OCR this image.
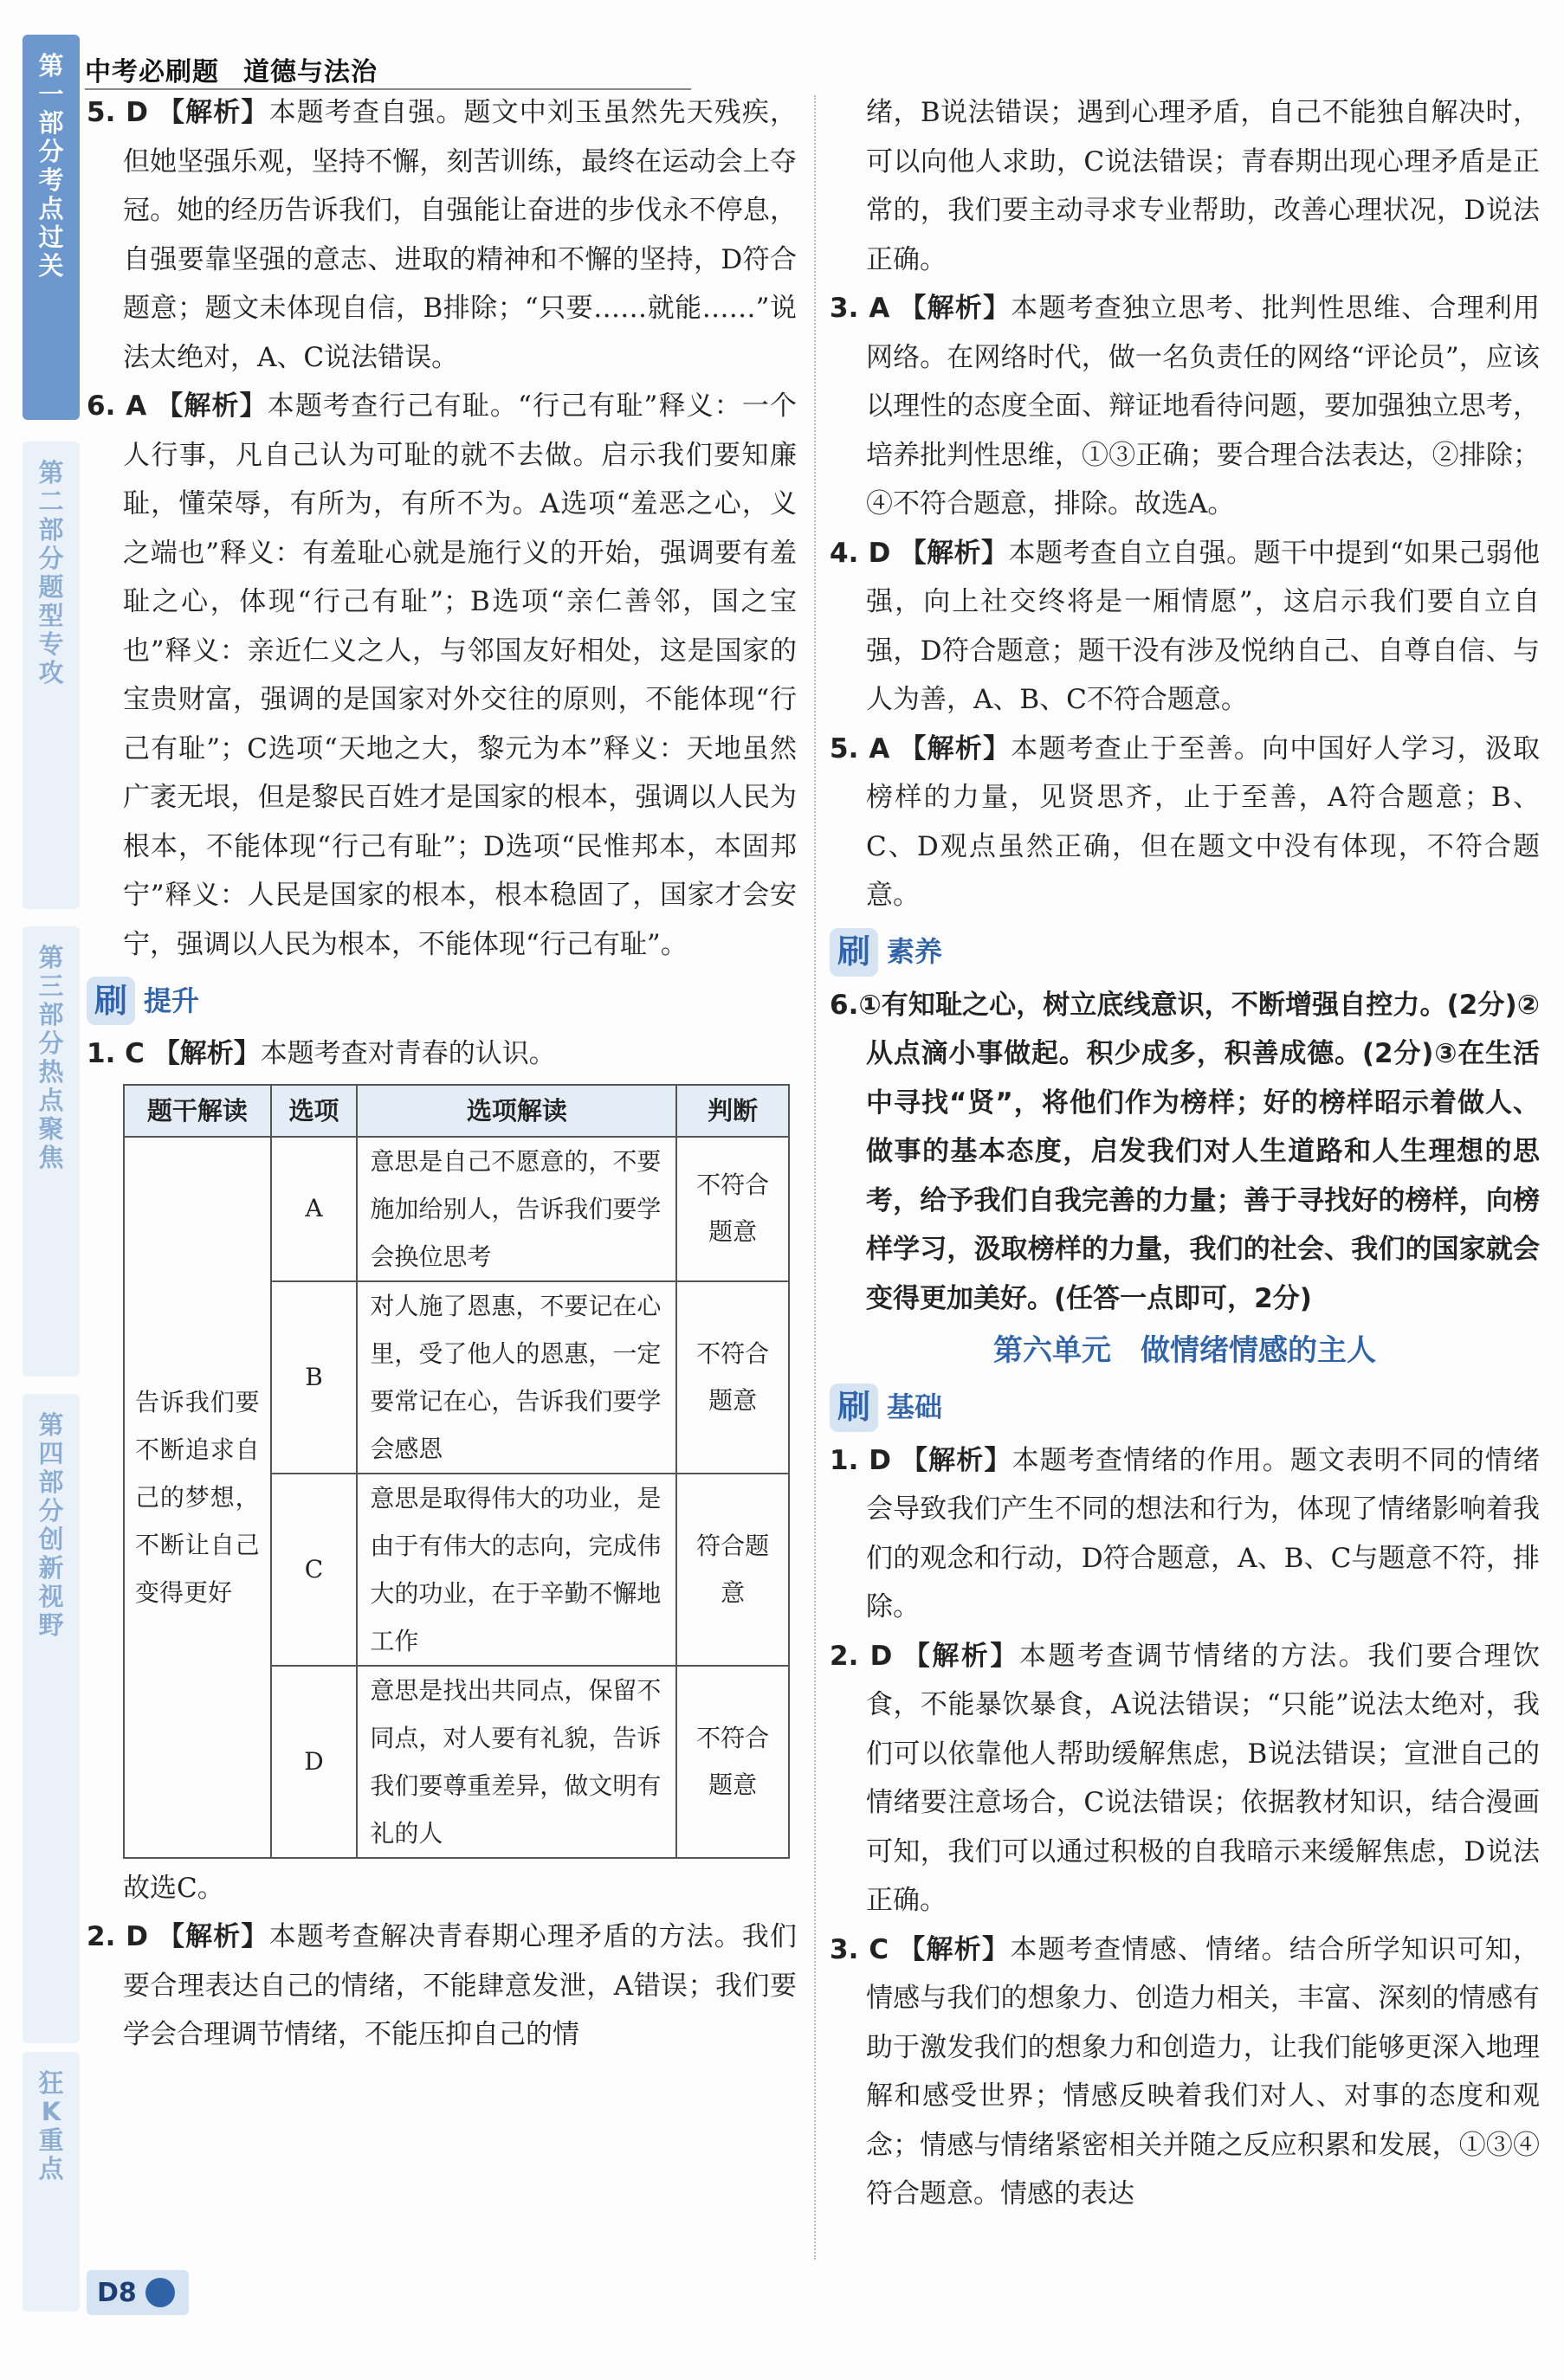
第一部分 考点过关
第二部分 题型专攻
第三部分 热点聚焦
第四部分 创新视野
狂K重点
中考必刷题 道德与法治

5. D 【解析】本题考查自强。题文中刘玉虽然先天残疾，但她坚强乐观，坚持不懈，刻苦训练，最终在运动会上夺冠。她的经历告诉我们，自强能让奋进的步伐永不停息，自强要靠坚强的意志、进取的精神和不懈的坚持，D符合题意；题文未体现自信，B排除；“只要……就能……”说法太绝对，A、C说法错误。

6. A 【解析】本题考查行己有耻。“行己有耻”释义：一个人行事，凡自己认为可耻的就不去做。启示我们要知廉耻，懂荣辱，有所为，有所不为。A选项“羞恶之心，义之端也”释义：有羞耻心就是施行义的开始，强调要有羞耻之心，体现“行己有耻”；B选项“亲仁善邻，国之宝也”释义：亲近仁义之人，与邻国友好相处，这是国家的宝贵财富，强调的是国家对外交往的原则，不能体现“行己有耻”；C选项“天地之大，黎元为本”释义：天地虽然广袤无垠，但是黎民百姓才是国家的根本，强调以人民为根本，不能体现“行己有耻”；D选项“民惟邦本，本固邦宁”释义：人民是国家的根本，根本稳固了，国家才会安宁，强调以人民为根本，不能体现“行己有耻”。

刷 提升

1. C 【解析】本题考查对青春的认识。

题干解读	选项	选项解读	判断
告诉我们要不断追求自己的梦想，不断让自己变得更好	A	意思是自己不愿意的，不要施加给别人，告诉我们要学会换位思考	不符合题意
	B	对人施了恩惠，不要记在心里，受了他人的恩惠，一定要常记在心，告诉我们要学会感恩	不符合题意
	C	意思是取得伟大的功业，是由于有伟大的志向，完成伟大的功业，在于辛勤不懈地工作	符合题意
	D	意思是找出共同点，保留不同点，对人要有礼貌，告诉我们要尊重差异，做文明有礼的人	不符合题意

故选C。

2. D 【解析】本题考查解决青春期心理矛盾的方法。我们要合理表达自己的情绪，不能肆意发泄，A错误；我们要学会合理调节情绪，不能压抑自己的情

绪，B说法错误；遇到心理矛盾，自己不能独自解决时，可以向他人求助，C说法错误；青春期出现心理矛盾是正常的，我们要主动寻求专业帮助，改善心理状况，D说法正确。

3. A 【解析】本题考查独立思考、批判性思维、合理利用网络。在网络时代，做一名负责任的网络“评论员”，应该以理性的态度全面、辩证地看待问题，要加强独立思考，培养批判性思维，①③正确；要合理合法表达，②排除；④不符合题意，排除。故选A。

4. D 【解析】本题考查自立自强。题干中提到“如果己弱他强，向上社交终将是一厢情愿”，这启示我们要自立自强，D符合题意；题干没有涉及悦纳自己、自尊自信、与人为善，A、B、C不符合题意。

5. A 【解析】本题考查止于至善。向中国好人学习，汲取榜样的力量，见贤思齐，止于至善，A符合题意；B、C、D观点虽然正确，但在题文中没有体现，不符合题意。

刷 素养

6.①有知耻之心，树立底线意识，不断增强自控力。(2分)②从点滴小事做起。积少成多，积善成德。(2分)③在生活中寻找“贤”，将他们作为榜样；好的榜样昭示着做人、做事的基本态度，启发我们对人生道路和人生理想的思考，给予我们自我完善的力量；善于寻找好的榜样，向榜样学习，汲取榜样的力量，我们的社会、我们的国家就会变得更加美好。(任答一点即可，2分)

第六单元　做情绪情感的主人
刷 基础

1. D 【解析】本题考查情绪的作用。题文表明不同的情绪会导致我们产生不同的想法和行为，体现了情绪影响着我们的观念和行动，D符合题意，A、B、C与题意不符，排除。

2. D 【解析】本题考查调节情绪的方法。我们要合理饮食，不能暴饮暴食，A说法错误；“只能”说法太绝对，我们可以依靠他人帮助缓解焦虑，B说法错误；宣泄自己的情绪要注意场合，C说法错误；依据教材知识，结合漫画可知，我们可以通过积极的自我暗示来缓解焦虑，D说法正确。

3. C 【解析】本题考查情感、情绪。结合所学知识可知，情感与我们的想象力、创造力相关，丰富、深刻的情感有助于激发我们的想象力和创造力，让我们能够更深入地理解和感受世界；情感反映着我们对人、对事的态度和观念；情感与情绪紧密相关并随之反应积累和发展，①③④符合题意。情感的表达

D8
